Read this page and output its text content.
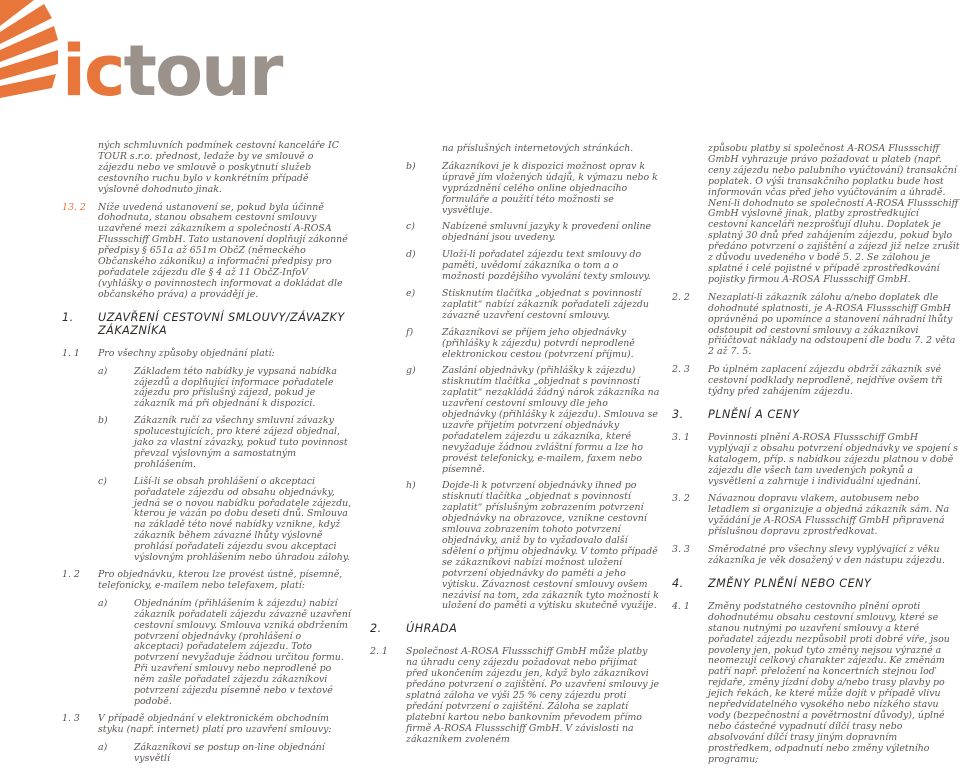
ictour
ných schmluvních podmínek cestovní kanceláře IC TOUR s.r.o. přednost, ledaže by ve smlouvě o zájezdu nebo ve smlouvě o poskytnutí služeb cestovního ruchu bylo v konkrétním případě výslovně dohodnuto jinak.
13. 2 Níže uvedená ustanovení se, pokud byla účinně dohodnuta, stanou obsahem cestovní smlouvy uzavřené mezi zákazníkem a společností A-ROSA Flussschiff GmbH. Tato ustanovení doplňují zákonné předpisy § 651a až 651m ObčZ (německého Občanského zákoníku) a informační předpisy pro pořadatele zájezdu dle § 4 až 11 ObčZ-InfoV (vyhlášky o povinnostech informovat a dokládat dle občanského práva) a provádějí je.
1. UZAVŘENÍ CESTOVNÍ SMLOUVY/ZÁVAZKY ZÁKAZNÍKA
1. 1 Pro všechny způsoby objednání platí:
a)	Základem této nabídky je vypsaná nabídka zájezdů a doplňující informace pořadatele zájezdu pro příslušný zájezd, pokud je zákazník má při objednání k dispozici.
b)	Zákazník ručí za všechny smluvní závazky spolucestujících, pro které zájezd objednal, jako za vlastní závazky, pokud tuto povinnost převzal výslovným a samostatným prohlášením.
c)	Liší-li se obsah prohlášení o akceptaci pořadatele zájezdu od obsahu objednávky, jedná se o novou nabídku pořadatele zájezdu, kterou je vázán po dobu deseti dnů. Smlouva na základě této nové nabídky vznikne, když zákazník během závazné lhůty výslovně prohlásí pořadateli zájezdu svou akceptaci výslovným prohlášením nebo úhradou zálohy.
1. 2 Pro objednávku, kterou lze provést ústně, písemně, telefonicky, e-mailem nebo telefaxem, platí:
a)	Objednáním (přihlášením k zájezdu) nabízí zákazník pořadateli zájezdu závazně uzavření cestovní smlouvy. Smlouva vzniká obdržením potvrzení objednávky (prohlášení o akceptaci) pořadatelem zájezdu. Toto potvrzení nevyžaduje žádnou určitou formu. Při uzavření smlouvy nebo neprodleně po něm zašle pořadatel zájezdu zákazníkovi potvrzení zájezdu písemně nebo v textové podobě.
1. 3 V případě objednání v elektronickém obchodním styku (např. internet) platí pro uzavření smlouvy:
a)	Zákazníkovi se postup on-line objednání vysvětlí
na příslušných internetových stránkách.
b)	Zákazníkovi je k dispozici možnost oprav k úpravě jím vložených údajů, k výmazu nebo k vyprázdnění celého online objednacího formuláře a použití této možnosti se vysvětluje.
c)	Nabízené smluvní jazyky k provedení online objednání jsou uvedeny.
d)	Uloží-li pořadatel zájezdu text smlouvy do paměti, uvědomí zákazníka o tom a o možnosti pozdějšího vyvolání texty smlouvy.
e)	Stisknutím tlačítka „objednat s povinností zaplatit“ nabízí zákazník pořadateli zájezdu závazně uzavření cestovní smlouvy.
f)	Zákazníkovi se příjem jeho objednávky (přihlášky k zájezdu) potvrdí neprodleně elektronickou cestou (potvrzení příjmu).
g)	Zaslání objednávky (přihlášky k zájezdu) stisknutím tlačítka „objednat s povinností zaplatit“ nezakládá žádný nárok zákazníka na uzavření cestovní smlouvy dle jeho objednávky (přihlášky k zájezdu). Smlouva se uzavře přijetím potvrzení objednávky pořadatelem zájezdu u zákazníka, které nevyžaduje žádnou zvláštní formu a lze ho provést telefonicky, e-mailem, faxem nebo písemně.
h)	Dojde-li k potvrzení objednávky ihned po stisknutí tlačítka „objednat s povinností zaplatit“ příslušným zobrazením potvrzení objednávky na obrazovce, vznikne cestovní smlouva zobrazením tohoto potvrzení objednávky, aniž by to vyžadovalo další sdělení o přijmu objednávky. V tomto případě se zákazníkovi nabízí možnost uložení potvrzení objednávky do paměti a jeho výtisku. Závaznost cestovní smlouvy ovšem nezávisí na tom, zda zákazník tyto možnosti k uložení do paměti a výtisku skutečně využije.
2. ÚHRADA
2. 1 Společnost A-ROSA Flussschiff GmbH může platby na úhradu ceny zájezdu požadovat nebo přijímat před ukončením zájezdu jen, když bylo zákazníkovi předáno potvrzení o zajištění. Po uzavření smlouvy je splatná záloha ve výši 25 % ceny zájezdu proti předání potvrzení o zajištění. Záloha se zaplatí platební kartou nebo bankovním převodem přímo firmě A-ROSA Flussschiff GmbH. V závislosti na zákazníkem zvoleném
způsobu platby si společnost A-ROSA Flussschiff GmbH vyhrazuje právo požadovat u plateb (např. ceny zájezdu nebo palubního vyúčtování) transakční poplatek. O výši transakčního poplatku bude host informován včas před jeho vyúčtováním a úhradě. Není-li dohodnuto se společností A-ROSA Flussschiff GmbH výslovně jinak, platby zprostředkující cestovní kanceláři nezprošťují dluhu. Doplatek je splatný 30 dnů před zahájením zájezdu, pokud bylo předáno potvrzení o zajištění a zájezd již nelze zrušit z důvodu uvedeného v bodě 5. 2. Se zálohou je splatné i celé pojistné v případě zprostředkování pojistky firmou A-ROSA Flussschiff GmbH.
2. 2 Nezaplatí-li zákazník zálohu a/nebo doplatek dle dohodnuté splatnosti, je A-ROSA Flussschiff GmbH oprávněná po upomínce a stanovení náhradní lhůty odstoupit od cestovní smlouvy a zákazníkovi přiúčtovat náklady na odstoupení dle bodu 7. 2 věta 2 až 7. 5.
2. 3 Po úplném zaplacení zájezdu obdrží zákazník své cestovní podklady neprodleně, nejdříve ovšem tři týdny před zahájením zájezdu.
3. PLNĚNÍ A CENY
3. 1 Povinnosti plnění A-ROSA Flussschiff GmbH vyplývají z obsahu potvrzení objednávky ve spojení s katalogem, příp. s nabídkou zájezdu platnou v době zájezdu dle všech tam uvedených pokynů a vysvětlení a zahrnuje i individuální ujednání.
3. 2 Návaznou dopravu vlakem, autobusem nebo letadlem si organizuje a objedná zákazník sám. Na vyžádání je A-ROSA Flussschiff GmbH připravená příslušnou dopravu zprostředkovat.
3. 3 Směrodatné pro všechny slevy vyplývající z věku zákazníka je věk dosažený v den nástupu zájezdu.
4. ZMĚNY PLNĚNÍ NEBO CENY
4. 1 Změny podstatného cestovního plnění oproti dohodnutému obsahu cestovní smlouvy, které se stanou nutnými po uzavření smlouvy a které pořadatel zájezdu nezpůsobil proti dobré víře, jsou povoleny jen, pokud tyto změny nejsou výrazné a neomezují celkový charakter zájezdu. Ke změnám patří např. přeložení na koncertních stejnou loď rejdaře, změny jízdní doby a/nebo trasy plavby po jejich řekách, ke které může dojít v případě vlivu nepředvídatelného vysokého nebo nízkého stavu vody (bezpečnostní a povětrnostní důvody), úplné nebo částečné vypadnutí dílčí trasy nebo absolvování dílčí trasy jiným dopravním prostředkem, odpadnutí nebo změny výletního programu;
